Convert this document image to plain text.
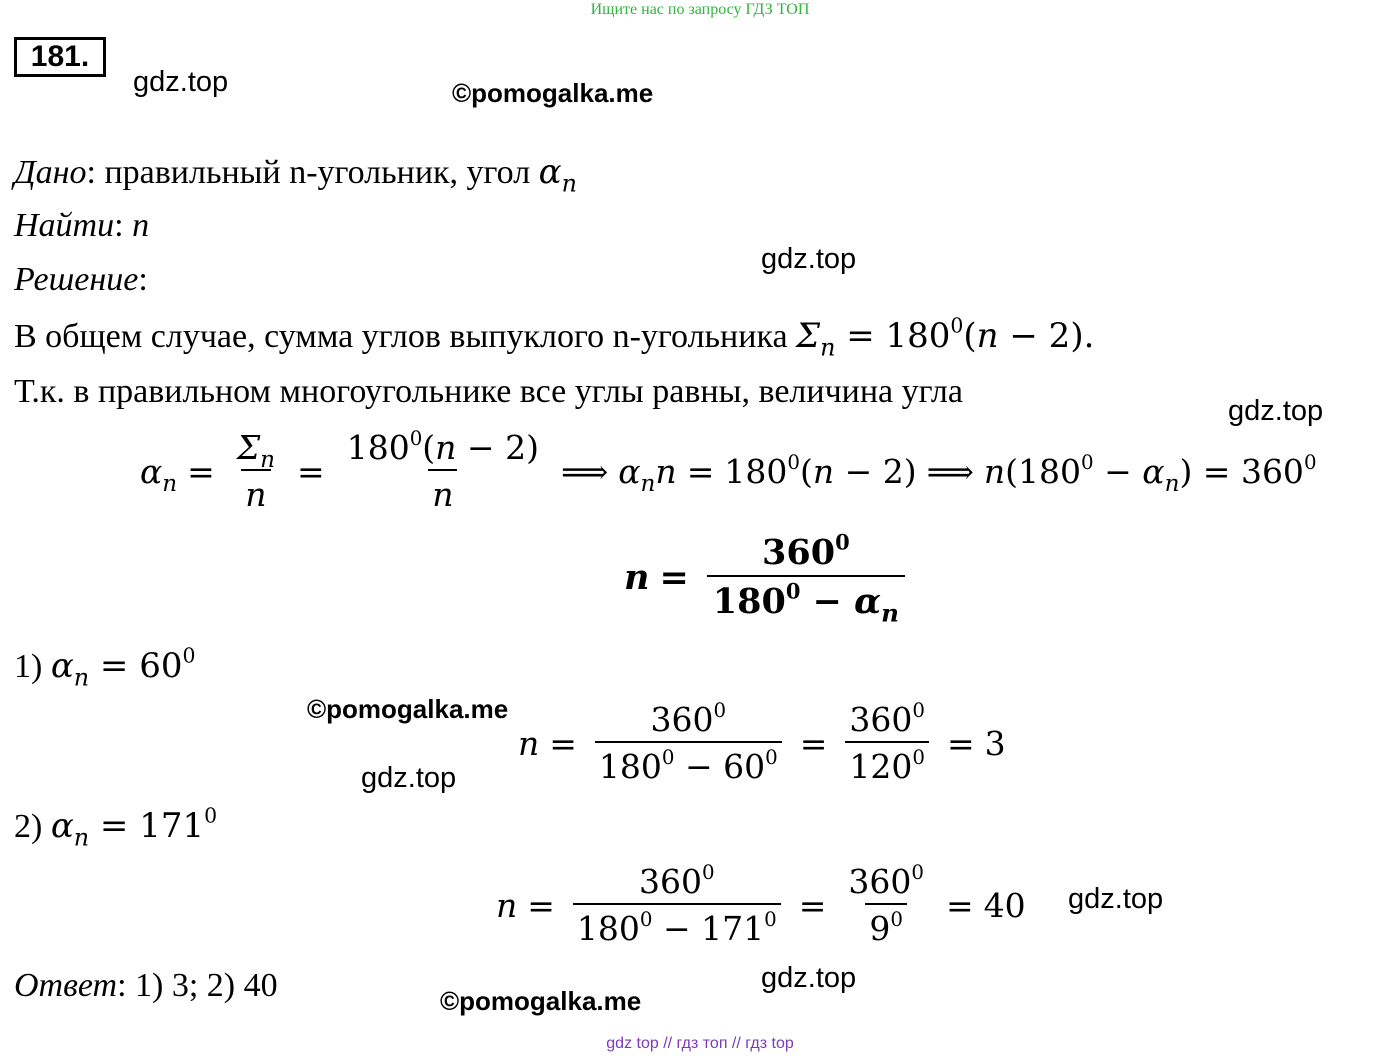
Ищите нас по запросу ГДЗ ТОП
181.
gdz.top	©pomogalka.me
gdz.top
gdz.top
©pomogalka.me
gdz.top
gdz.top
gdz.top
©pomogalka.me
Дано: правильный n-угольник, угол $\alpha_n$
Найти: n
Решение:
В общем случае, сумма углов выпуклого n-угольника $\Sigma_n = 180^0(n - 2)$.
Т.к. в правильном многоугольнике все углы равны, величина угла
$\alpha_n = \frac{\Sigma_n}{n} = \frac{180^0(n - 2)}{n}$ ⟹ $\alpha_nn = 180^0(n - 2)$ ⟹ n $(180^0 - \alpha_n) = 360^0$
$n = \frac{360^0}{180^0 - \alpha_n}$
1) $\alpha_n = 60^0$
$n = \frac{360^0}{180^0 - 60^0} = \frac{360^0}{120^0} = 3$
2) $\alpha_n = 171^0$
$n = \frac{360^0}{180^0 - 171^0} = \frac{360^0}{9^0} = 40$
Ответ: 1) 3; 2) 40
gdz top // гдз топ // гдз top
